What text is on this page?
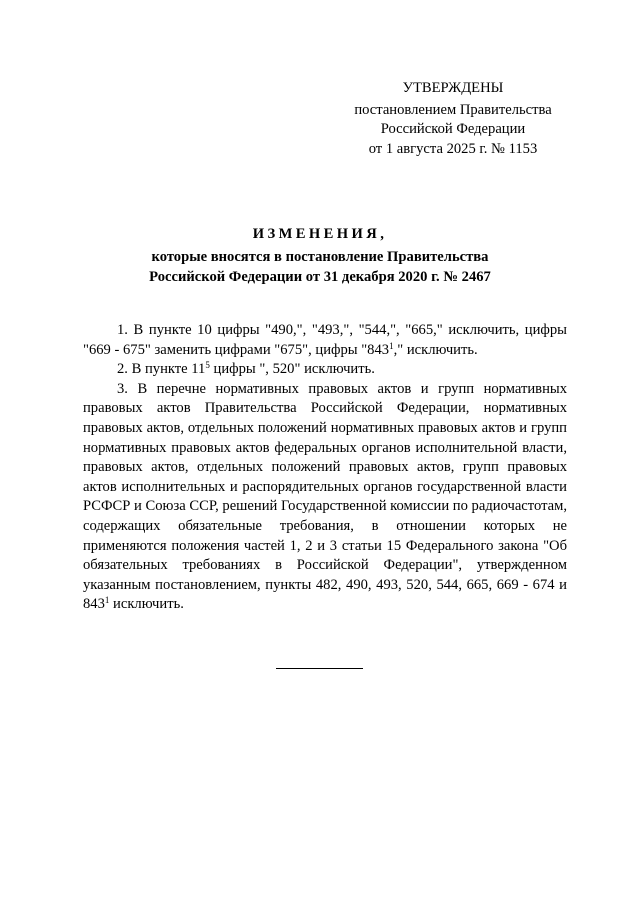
УТВЕРЖДЕНЫ
постановлением Правительства
Российской Федерации
от 1 августа 2025 г. № 1153
ИЗМЕНЕНИЯ,
которые вносятся в постановление Правительства
Российской Федерации от 31 декабря 2020 г. № 2467

1. В пункте 10 цифры "490,", "493,", "544,", "665," исключить, цифры "669 - 675" заменить цифрами "675", цифры "$843^1$," исключить.

2. В пункте $11^5$ цифры ", 520" исключить.

3. В перечне нормативных правовых актов и групп нормативных правовых актов Правительства Российской Федерации, нормативных правовых актов, отдельных положений нормативных правовых актов и групп нормативных правовых актов федеральных органов исполнительной власти, правовых актов, отдельных положений правовых актов, групп правовых актов исполнительных и распорядительных органов государственной власти РСФСР и Союза ССР, решений Государственной комиссии по радиочастотам, содержащих обязательные требования, в отношении которых не применяются положения частей 1, 2 и 3 статьи 15 Федерального закона "Об обязательных требованиях в Российской Федерации", утвержденном указанным постановлением, пункты 482, 490, 493, 520, 544, 665, 669 - 674 и $843^1$ исключить.
